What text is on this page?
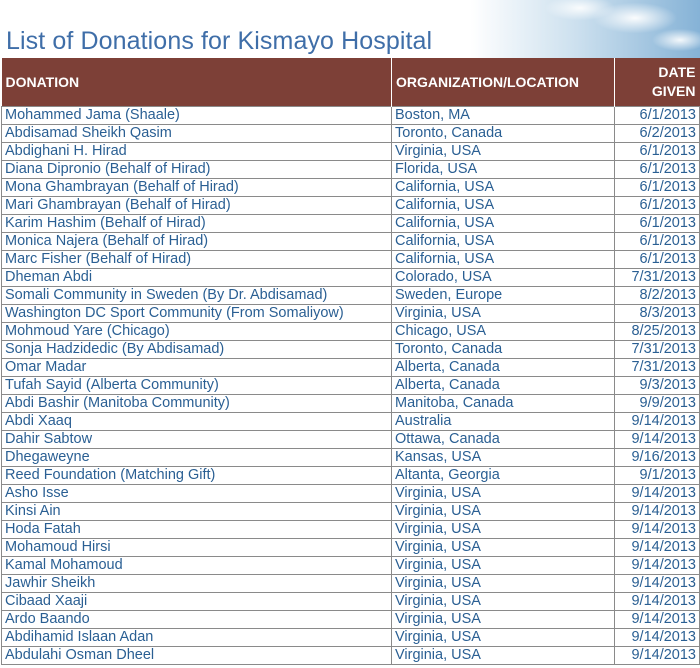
List of Donations for Kismayo Hospital
DONATION	ORGANIZATION/LOCATION	DATE
GIVEN
Mohammed Jama (Shaale)	Boston, MA	6/1/2013
Abdisamad Sheikh Qasim	Toronto, Canada	6/2/2013
Abdighani H. Hirad	Virginia, USA	6/1/2013
Diana Dipronio (Behalf of Hirad)	Florida, USA	6/1/2013
Mona Ghambrayan (Behalf of Hirad)	California, USA	6/1/2013
Mari Ghambrayan (Behalf of Hirad)	California, USA	6/1/2013
Karim Hashim (Behalf of Hirad)	California, USA	6/1/2013
Monica Najera (Behalf of Hirad)	California, USA	6/1/2013
Marc Fisher (Behalf of Hirad)	California, USA	6/1/2013
Dheman Abdi	Colorado, USA	7/31/2013
Somali Community in Sweden (By Dr. Abdisamad)	Sweden, Europe	8/2/2013
Washington DC Sport Community (From Somaliyow)	Virginia, USA	8/3/2013
Mohmoud Yare (Chicago)	Chicago, USA	8/25/2013
Sonja Hadzidedic (By Abdisamad)	Toronto, Canada	7/31/2013
Omar Madar	Alberta, Canada	7/31/2013
Tufah Sayid (Alberta Community)	Alberta, Canada	9/3/2013
Abdi Bashir (Manitoba Community)	Manitoba, Canada	9/9/2013
Abdi Xaaq	Australia	9/14/2013
Dahir Sabtow	Ottawa, Canada	9/14/2013
Dhegaweyne	Kansas, USA	9/16/2013
Reed Foundation (Matching Gift)	Altanta, Georgia	9/1/2013
Asho Isse	Virginia, USA	9/14/2013
Kinsi Ain	Virginia, USA	9/14/2013
Hoda Fatah	Virginia, USA	9/14/2013
Mohamoud Hirsi	Virginia, USA	9/14/2013
Kamal Mohamoud	Virginia, USA	9/14/2013
Jawhir Sheikh	Virginia, USA	9/14/2013
Cibaad Xaaji	Virginia, USA	9/14/2013
Ardo Baando	Virginia, USA	9/14/2013
Abdihamid Islaan Adan	Virginia, USA	9/14/2013
Abdulahi Osman Dheel	Virginia, USA	9/14/2013
